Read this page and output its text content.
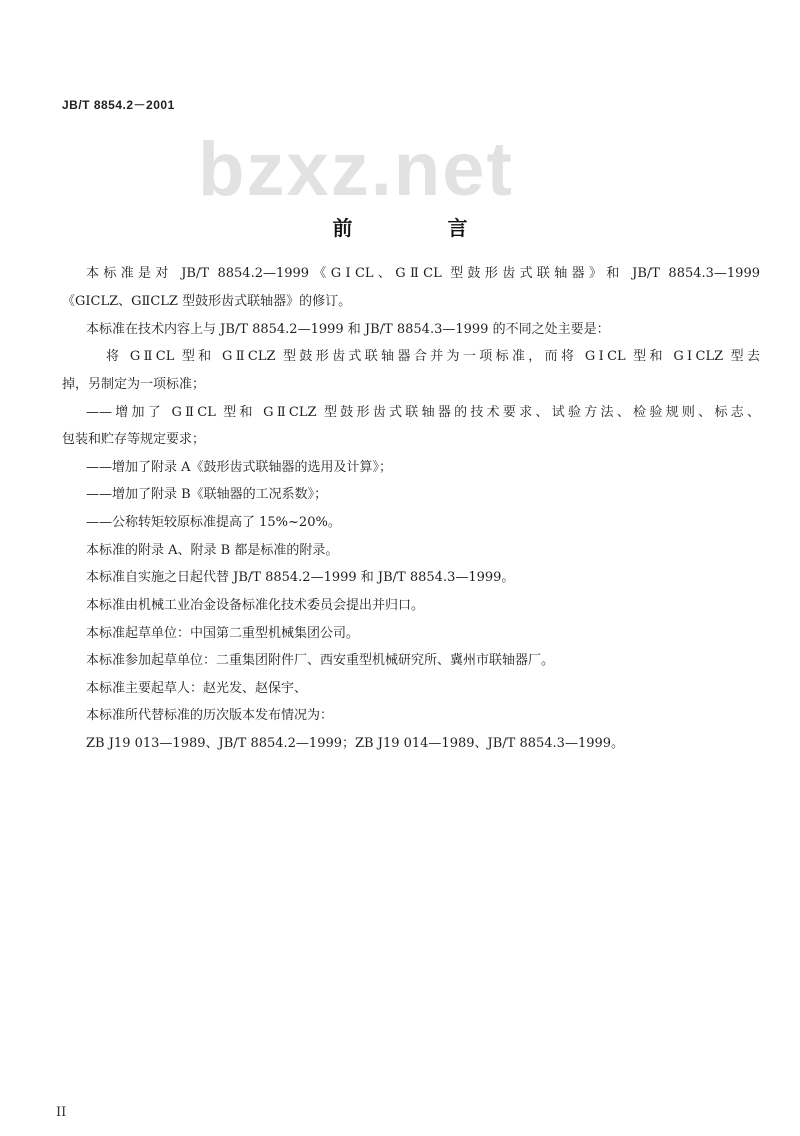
JB/T 8854.2－2001
bzxz.net
前 言
本标准是对 JB/T 8854.2—1999《GⅠCL、GⅡCL 型鼓形齿式联轴器》和 JB/T 8854.3—1999
《GⅠCLZ、GⅡCLZ 型鼓形齿式联轴器》的修订。
本标准在技术内容上与 JB/T 8854.2—1999 和 JB/T 8854.3—1999 的不同之处主要是：
将 GⅡCL 型和 GⅡCLZ 型鼓形齿式联轴器合并为一项标准，而将 GⅠCL 型和 GⅠCLZ 型去
掉，另制定为一项标准；
——增加了 GⅡCL 型和 GⅡCLZ 型鼓形齿式联轴器的技术要求、试验方法、检验规则、标志、
包装和贮存等规定要求；
——增加了附录 A《鼓形齿式联轴器的选用及计算》；
——增加了附录 B《联轴器的工况系数》；
——公称转矩较原标准提高了 15%~20%。
本标准的附录 A、附录 B 都是标准的附录。
本标准自实施之日起代替 JB/T 8854.2—1999 和 JB/T 8854.3—1999。
本标准由机械工业冶金设备标准化技术委员会提出并归口。
本标准起草单位：中国第二重型机械集团公司。
本标准参加起草单位：二重集团附件厂、西安重型机械研究所、冀州市联轴器厂。
本标准主要起草人：赵光发、赵保宇、
本标准所代替标准的历次版本发布情况为：
ZB J19 013—1989、JB/T 8854.2—1999；ZB J19 014—1989、JB/T 8854.3—1999。
II
